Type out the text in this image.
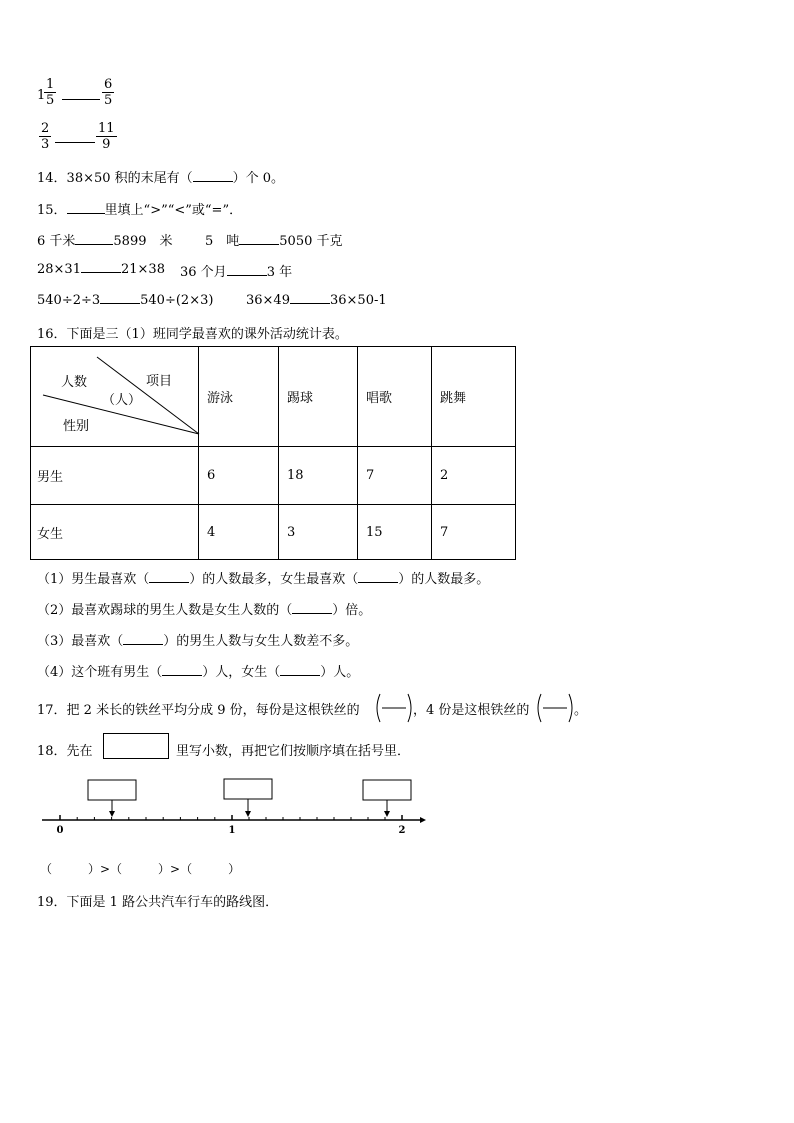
1
$\frac{1}{5}$	$\frac{6}{5}$
$\frac{2}{3}$	$\frac{11}{9}$
14．38×50 积的末尾有（	）个 0。
15．	里填上“>”“<”或“=”．
6 千米	5899　米	5　吨	5050 千克
28×31	21×38 36 个月	3 年
540÷2÷3	540÷(2×3)	36×49	36×50-1
16．下面是三（1）班同学最喜欢的课外活动统计表。
人数 项目
（人）
性别	游泳	踢球	唱歌	跳舞
男生	6	18	7	2
女生	4	3	15	7
（1）男生最喜欢（	）的人数最多，女生最喜欢（	）的人数最多。
（2）最喜欢踢球的男生人数是女生人数的（	）倍。
（3）最喜欢（	）的男生人数与女生人数差不多。
（4）这个班有男生（	）人，女生（	）人。
17．把 2 米长的铁丝平均分成 9 份，每份是这根铁丝的	，4 份是这根铁丝的	。
18．先在	里写小数，再把它们按顺序填在括号里．
0	1	2
（　　　）>（　　　）>（　　　）
19．下面是 1 路公共汽车行车的路线图．
